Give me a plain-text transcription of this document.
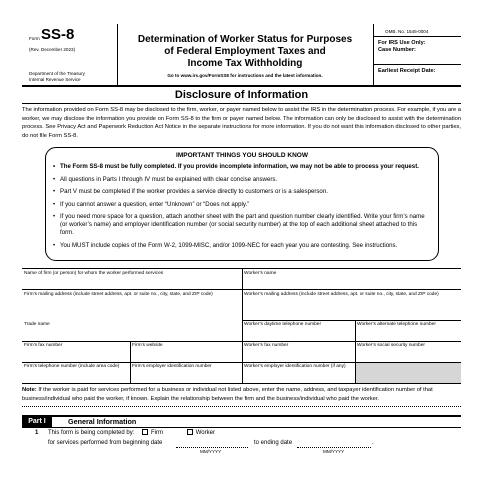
Form SS-8
(Rev. December 2023)
Department of the Treasury
Internal Revenue Service
Determination of Worker Status for Purposes
of Federal Employment Taxes and
Income Tax Withholding
Go to www.irs.gov/FormSS8 for instructions and the latest information.
OMB. No. 1545-0004
For IRS Use Only:
Case Number:
Earliest Receipt Date:
Disclosure of Information
The information provided on Form SS-8 may be disclosed to the firm, worker, or payer named below to assist the IRS in the determination process. For example, if you are a worker, we may disclose the information you provide on Form SS-8 to the firm or payer named below. The information can only be disclosed to assist with the determination process. See Privacy Act and Paperwork Reduction Act Notice in the separate instructions for more information. If you do not want this information disclosed to other parties, do not file Form SS-8.
IMPORTANT THINGS YOU SHOULD KNOW
• The Form SS-8 must be fully completed. If you provide incomplete information, we may not be able to process your request.
• All questions in Parts I through IV must be explained with clear concise answers.
• Part V must be completed if the worker provides a service directly to customers or is a salesperson.
• If you cannot answer a question, enter “Unknown” or “Does not apply.”
• If you need more space for a question, attach another sheet with the part and question number clearly identified. Write your firm’s name (or worker’s name) and employer identification number (or social security number) at the top of each additional sheet attached to this form.
• You MUST include copies of the Form W-2, 1099-MISC, and/or 1099-NEC for each year you are contesting. See instructions.
Name of firm (or person) for whom the worker performed services	Worker’s name
Firm’s mailing address (include street address, apt. or suite no., city, state, and ZIP code)	Worker’s mailing address (include street address, apt. or suite no., city, state, and ZIP code)
Trade name	Worker’s daytime telephone number	Worker’s alternate telephone number
Firm’s fax number	Firm’s website	Worker’s fax number	Worker’s social security number
Firm’s telephone number (include area code)	Firm’s employer identification number	Worker’s employer identification number (if any)
Note: If the worker is paid for services performed for a business or individual not listed above, enter the name, address, and taxpayer identification number of that business/individual who paid the worker, if known. Explain the relationship between the firm and the business/individual who paid the worker.
Part I	General Information
1 This form is being completed by:	Firm	Worker
for services performed from beginning date	to ending date	.
MM/YYYY	MM/YYYY
